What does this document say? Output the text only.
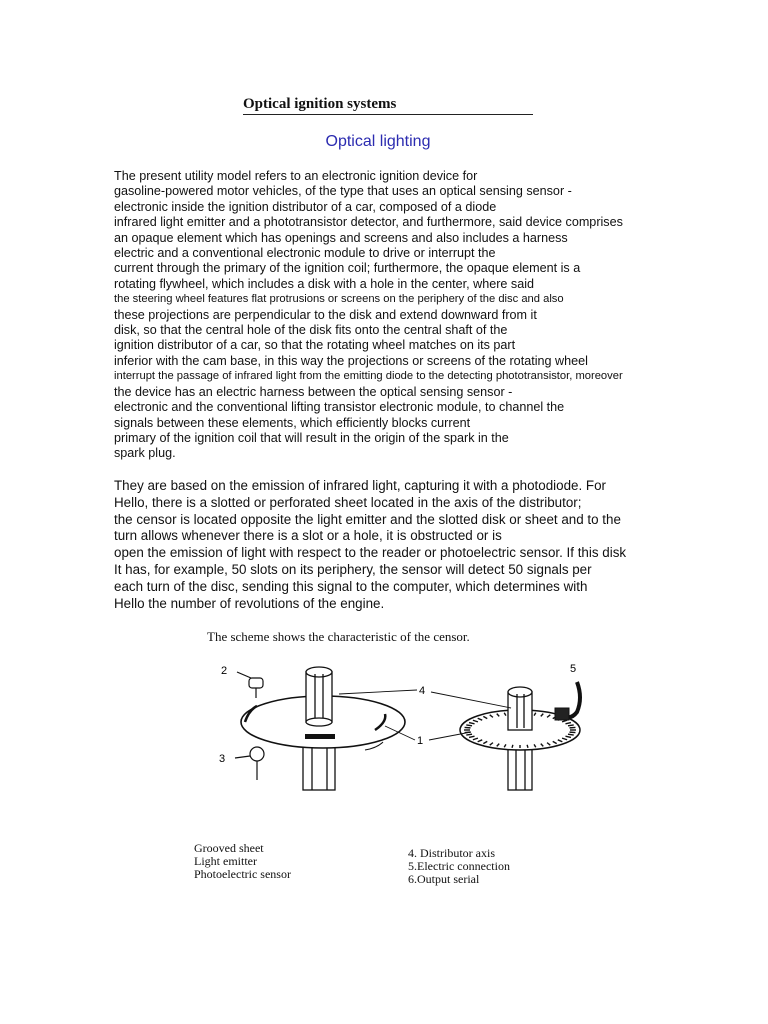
Optical ignition systems
Optical lighting
The present utility model refers to an electronic ignition device for
gasoline-powered motor vehicles, of the type that uses an optical sensing sensor -
electronic inside the ignition distributor of a car, composed of a diode
infrared light emitter and a phototransistor detector, and furthermore, said device comprises
an opaque element which has openings and screens and also includes a harness
electric and a conventional electronic module to drive or interrupt the
current through the primary of the ignition coil; furthermore, the opaque element is a
rotating flywheel, which includes a disk with a hole in the center, where said
the steering wheel features flat protrusions or screens on the periphery of the disc and also
these projections are perpendicular to the disk and extend downward from it
disk, so that the central hole of the disk fits onto the central shaft of the
ignition distributor of a car, so that the rotating wheel matches on its part
inferior with the cam base, in this way the projections or screens of the rotating wheel
interrupt the passage of infrared light from the emitting diode to the detecting phototransistor, moreover
the device has an electric harness between the optical sensing sensor -
electronic and the conventional lifting transistor electronic module, to channel the
signals between these elements, which efficiently blocks current
primary of the ignition coil that will result in the origin of the spark in the
spark plug.
They are based on the emission of infrared light, capturing it with a photodiode. For
Hello, there is a slotted or perforated sheet located in the axis of the distributor;
the censor is located opposite the light emitter and the slotted disk or sheet and to the
turn allows whenever there is a slot or a hole, it is obstructed or is
open the emission of light with respect to the reader or photoelectric sensor. If this disk
It has, for example, 50 slots on its periphery, the sensor will detect 50 signals per
each turn of the disc, sending this signal to the computer, which determines with
Hello the number of revolutions of the engine.
The scheme shows the characteristic of the censor.
2
3
5
4
1
Grooved sheet
Light emitter
Photoelectric sensor
4. Distributor axis
5.Electric connection
6.Output serial
